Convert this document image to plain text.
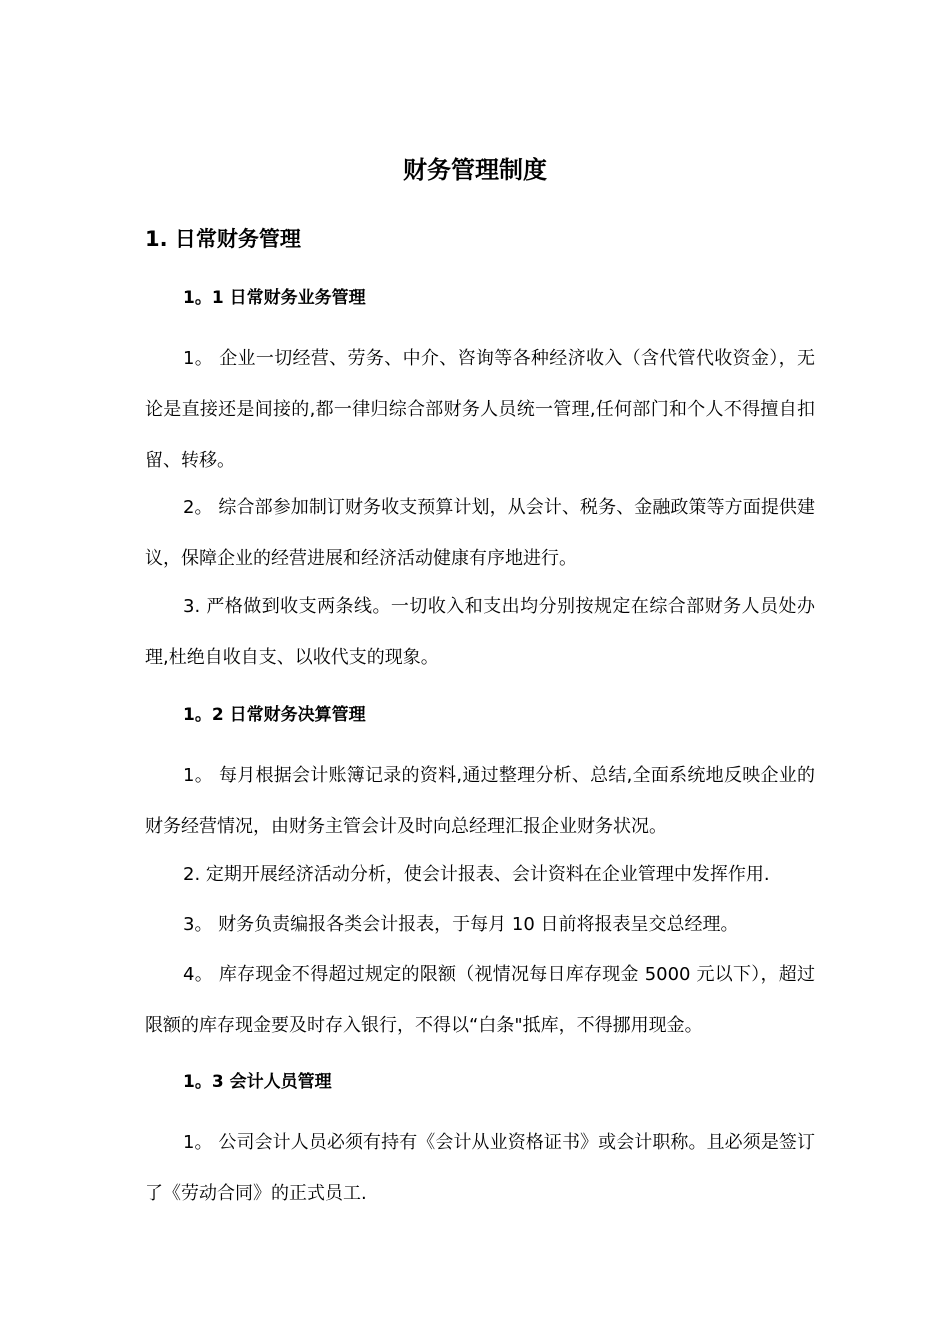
财务管理制度
1. 日常财务管理
1。1 日常财务业务管理
1。 企业一切经营、劳务、中介、咨询等各种经济收入（含代管代收资金），无论是直接还是间接的,都一律归综合部财务人员统一管理,任何部门和个人不得擅自扣留、转移。
2。 综合部参加制订财务收支预算计划，从会计、税务、金融政策等方面提供建议，保障企业的经营进展和经济活动健康有序地进行。
3. 严格做到收支两条线。一切收入和支出均分别按规定在综合部财务人员处办理,杜绝自收自支、以收代支的现象。
1。2 日常财务决算管理
1。 每月根据会计账簿记录的资料,通过整理分析、总结,全面系统地反映企业的财务经营情况，由财务主管会计及时向总经理汇报企业财务状况。
2. 定期开展经济活动分析，使会计报表、会计资料在企业管理中发挥作用.
3。 财务负责编报各类会计报表，于每月 10 日前将报表呈交总经理。
4。 库存现金不得超过规定的限额（视情况每日库存现金 5000 元以下），超过限额的库存现金要及时存入银行，不得以“白条"抵库，不得挪用现金。
1。3 会计人员管理
1。 公司会计人员必须有持有《会计从业资格证书》或会计职称。且必须是签订了《劳动合同》的正式员工.
